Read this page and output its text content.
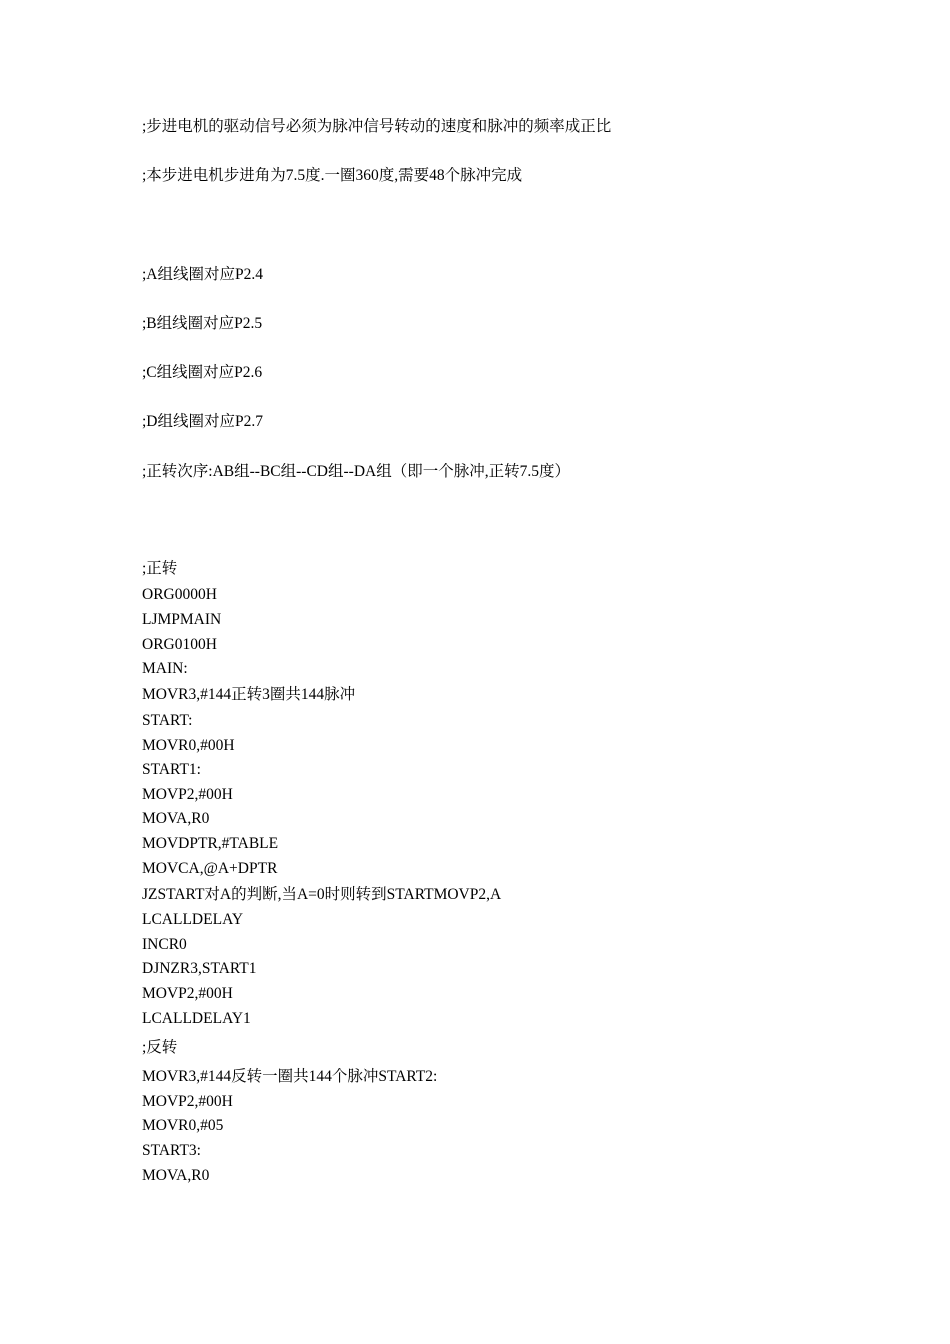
;步进电机的驱动信号必须为脉冲信号转动的速度和脉冲的频率成正比
;本步进电机步进角为7.5度.一圈360度,需要48个脉冲完成
;A组线圈对应P2.4
;B组线圈对应P2.5
;C组线圈对应P2.6
;D组线圈对应P2.7
;正转次序:AB组--BC组--CD组--DA组（即一个脉冲,正转7.5度）
;正转
ORG0000H
LJMPMAIN
ORG0100H
MAIN:
MOVR3,#144正转3圈共144脉冲
START:
MOVR0,#00H
START1:
MOVP2,#00H
MOVA,R0
MOVDPTR,#TABLE
MOVCA,@A+DPTR
JZSTART对A的判断,当A=0时则转到STARTMOVP2,A
LCALLDELAY
INCR0
DJNZR3,START1
MOVP2,#00H
LCALLDELAY1
;反转
MOVR3,#144反转一圈共144个脉冲START2:
MOVP2,#00H
MOVR0,#05
START3:
MOVA,R0
